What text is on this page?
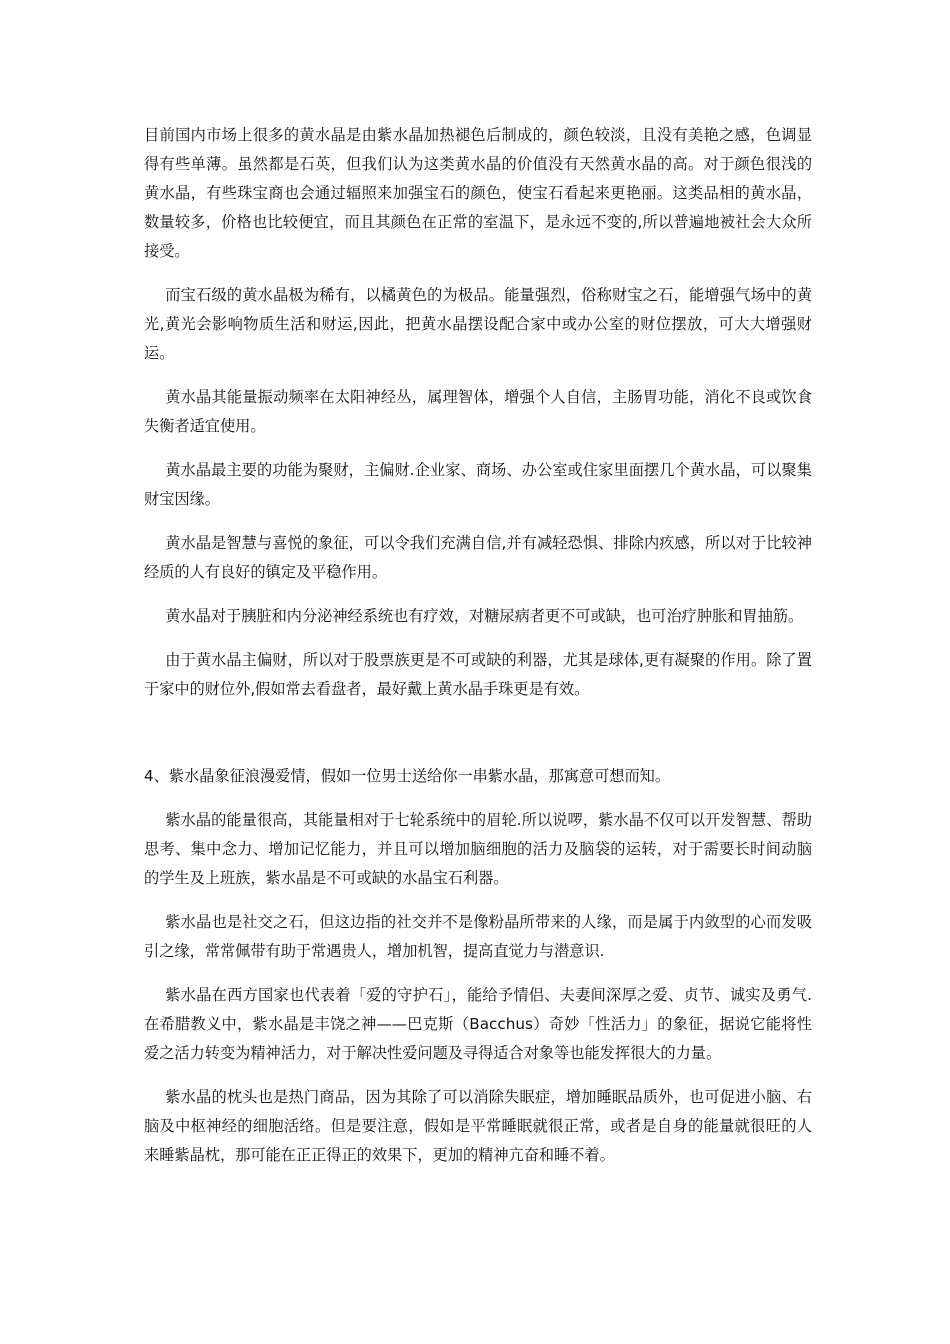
目前国内市场上很多的黄水晶是由紫水晶加热褪色后制成的，颜色较淡，且没有美艳之感，色调显得有些单薄。虽然都是石英，但我们认为这类黄水晶的价值没有天然黄水晶的高。对于颜色很浅的黄水晶，有些珠宝商也会通过辐照来加强宝石的颜色，使宝石看起来更艳丽。这类品相的黄水晶，数量较多，价格也比较便宜，而且其颜色在正常的室温下，是永远不变的,所以普遍地被社会大众所接受。

而宝石级的黄水晶极为稀有，以橘黄色的为极品。能量强烈，俗称财宝之石，能增强气场中的黄光,黄光会影响物质生活和财运,因此，把黄水晶摆设配合家中或办公室的财位摆放，可大大增强财运。

黄水晶其能量振动频率在太阳神经丛，属理智体，增强个人自信，主肠胃功能，消化不良或饮食失衡者适宜使用。

黄水晶最主要的功能为聚财，主偏财.企业家、商场、办公室或住家里面摆几个黄水晶，可以聚集财宝因缘。

黄水晶是智慧与喜悦的象征，可以令我们充满自信,并有减轻恐惧、排除内疚感，所以对于比较神经质的人有良好的镇定及平稳作用。

黄水晶对于胰脏和内分泌神经系统也有疗效，对糖尿病者更不可或缺，也可治疗肿胀和胃抽筋。

由于黄水晶主偏财，所以对于股票族更是不可或缺的利器，尤其是球体,更有凝聚的作用。除了置于家中的财位外,假如常去看盘者，最好戴上黄水晶手珠更是有效。

4、紫水晶象征浪漫爱情，假如一位男士送给你一串紫水晶，那寓意可想而知。

紫水晶的能量很高，其能量相对于七轮系统中的眉轮.所以说啰，紫水晶不仅可以开发智慧、帮助思考、集中念力、增加记忆能力，并且可以增加脑细胞的活力及脑袋的运转，对于需要长时间动脑的学生及上班族，紫水晶是不可或缺的水晶宝石利器。

紫水晶也是社交之石，但这边指的社交并不是像粉晶所带来的人缘，而是属于内敛型的心而发吸引之缘，常常佩带有助于常遇贵人，增加机智，提高直觉力与潜意识.

紫水晶在西方国家也代表着「爱的守护石」，能给予情侣、夫妻间深厚之爱、贞节、诚实及勇气.在希腊教义中，紫水晶是丰饶之神——巴克斯（Bacchus）奇妙「性活力」的象征，据说它能将性爱之活力转变为精神活力，对于解决性爱问题及寻得适合对象等也能发挥很大的力量。

紫水晶的枕头也是热门商品，因为其除了可以消除失眠症，增加睡眠品质外，也可促进小脑、右脑及中枢神经的细胞活络。但是要注意，假如是平常睡眠就很正常，或者是自身的能量就很旺的人来睡紫晶枕，那可能在正正得正的效果下，更加的精神亢奋和睡不着。
